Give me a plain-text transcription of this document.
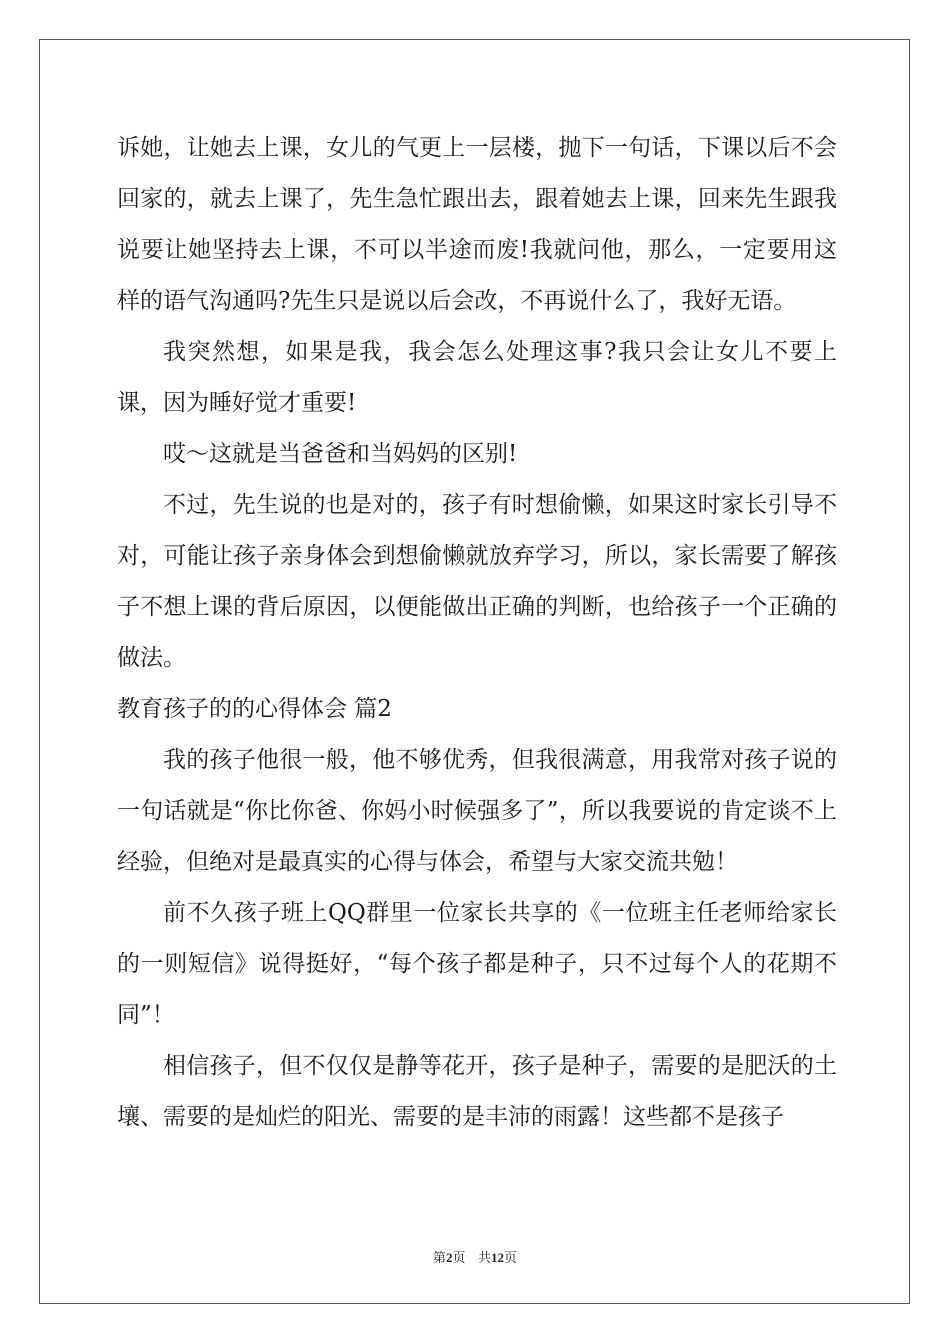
诉她，让她去上课，女儿的气更上一层楼，抛下一句话，下课以后不会回家的，就去上课了，先生急忙跟出去，跟着她去上课，回来先生跟我说要让她坚持去上课，不可以半途而废!我就问他，那么，一定要用这样的语气沟通吗?先生只是说以后会改，不再说什么了，我好无语。

我突然想，如果是我，我会怎么处理这事?我只会让女儿不要上课，因为睡好觉才重要!

哎～这就是当爸爸和当妈妈的区别!

不过，先生说的也是对的，孩子有时想偷懒，如果这时家长引导不对，可能让孩子亲身体会到想偷懒就放弃学习，所以，家长需要了解孩子不想上课的背后原因，以便能做出正确的判断，也给孩子一个正确的做法。

教育孩子的的心得体会 篇2

我的孩子他很一般，他不够优秀，但我很满意，用我常对孩子说的一句话就是“你比你爸、你妈小时候强多了”，所以我要说的肯定谈不上经验，但绝对是最真实的心得与体会，希望与大家交流共勉！

前不久孩子班上QQ群里一位家长共享的《一位班主任老师给家长的一则短信》说得挺好，“每个孩子都是种子，只不过每个人的花期不同”！

相信孩子，但不仅仅是静等花开，孩子是种子，需要的是肥沃的土壤、需要的是灿烂的阳光、需要的是丰沛的雨露！这些都不是孩子

第2页 共12页
